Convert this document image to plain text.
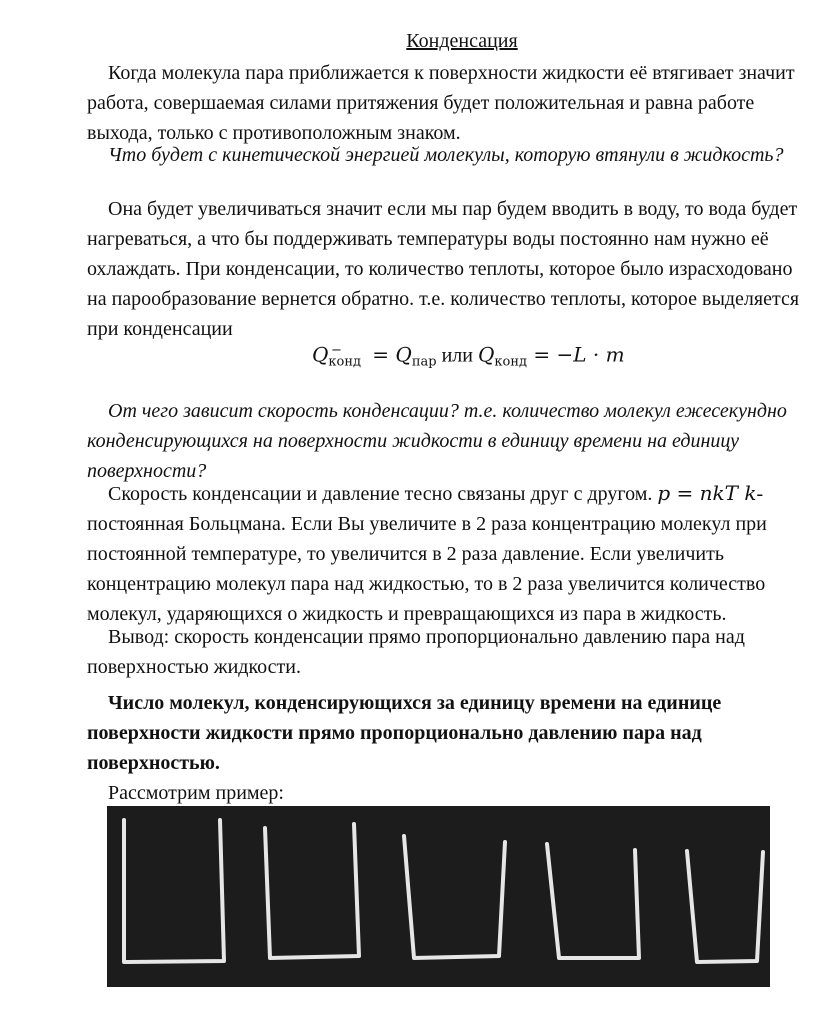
Конденсация

Когда молекула пара приближается к поверхности жидкости её втягивает значит работа, совершаемая силами притяжения будет положительная и равна работе выхода, только с противоположным знаком.

Что будет с кинетической энергией молекулы, которую втянули в жидкость?

Она будет увеличиваться значит если мы пар будем вводить в воду, то вода будет нагреваться, а что бы поддерживать температуры воды постоянно нам нужно её охлаждать. При конденсации, то количество теплоты, которое было израсходовано на парообразование вернется обратно. т.е. количество теплоты, которое выделяется при конденсации

$Q_{конд}^- = Q_{пар}$ или $Q_{конд} = -L \cdot m$

От чего зависит скорость конденсации? т.е. количество молекул ежесекундно конденсирующихся на поверхности жидкости в единицу времени на единицу поверхности?

Скорость конденсации и давление тесно связаны друг с другом. p = nkT k-постоянная Больцмана. Если Вы увеличите в 2 раза концентрацию молекул при постоянной температуре, то увеличится в 2 раза давление. Если увеличить концентрацию молекул пара над жидкостью, то в 2 раза увеличится количество молекул, ударяющихся о жидкость и превращающихся из пара в жидкость.

Вывод: скорость конденсации прямо пропорционально давлению пара над поверхностью жидкости.

Число молекул, конденсирующихся за единицу времени на единице поверхности жидкости прямо пропорционально давлению пара над поверхностью.

Рассмотрим пример:
